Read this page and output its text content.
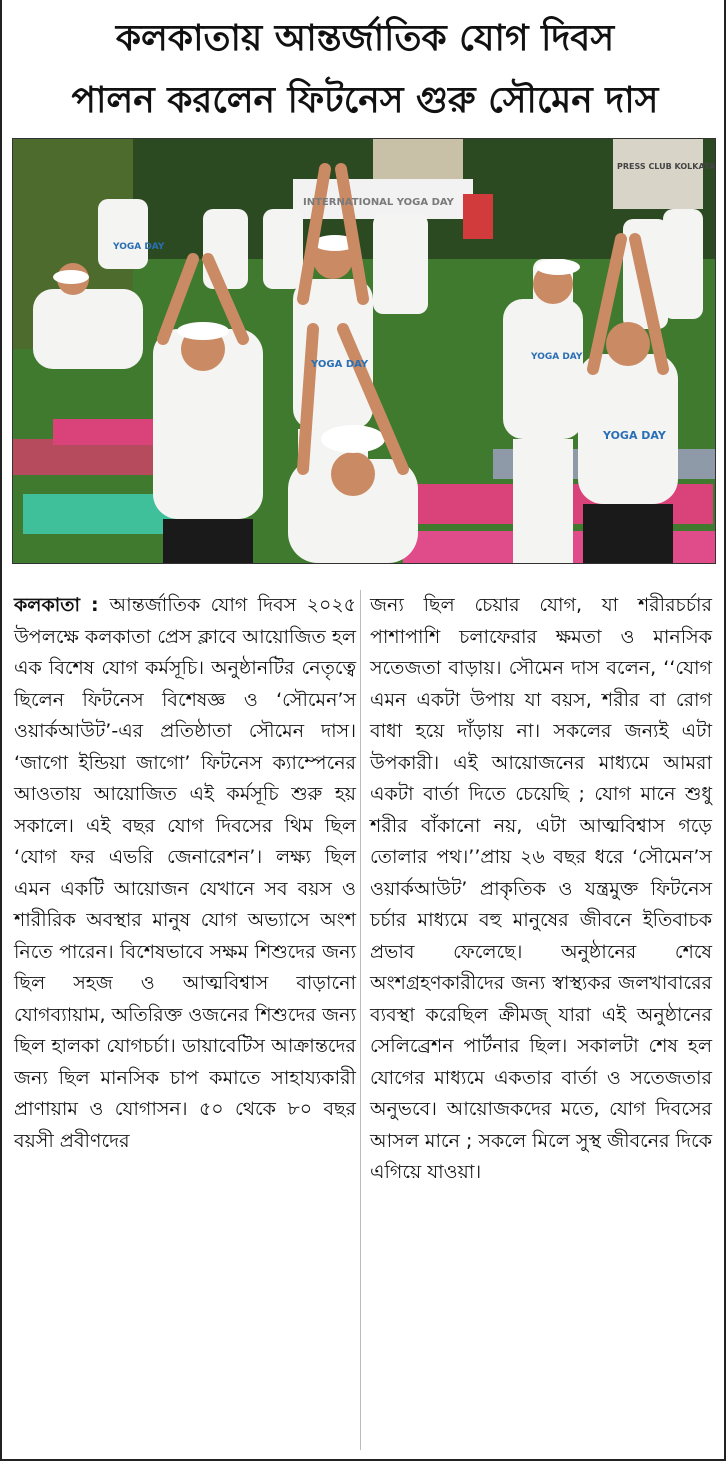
কলকাতায় আন্তর্জাতিক যোগ দিবস
পালন করলেন ফিটনেস গুরু সৌমেন দাস
YOGA DAY
YOGA DAY
YOGA DAY
YOGA DAY
INTERNATIONAL YOGA DAY
PRESS CLUB KOLKATA
কলকাতা : আন্তর্জাতিক যোগ দিবস ২০২৫ উপলক্ষে কলকাতা প্রেস ক্লাবে আয়োজিত হল এক বিশেষ যোগ কর্মসূচি। অনুষ্ঠানটির নেতৃত্বে ছিলেন ফিটনেস বিশেষজ্ঞ ও ‘সৌমেন’স ওয়ার্কআউট’-এর প্রতিষ্ঠাতা সৌমেন দাস। ‘জাগো ইন্ডিয়া জাগো’ ফিটনেস ক্যাম্পেনের আওতায় আয়োজিত এই কর্মসূচি শুরু হয় সকালে। এই বছর যোগ দিবসের থিম ছিল ‘যোগ ফর এভরি জেনারেশন’। লক্ষ্য ছিল এমন একটি আয়োজন যেখানে সব বয়স ও শারীরিক অবস্থার মানুষ যোগ অভ্যাসে অংশ নিতে পারেন। বিশেষভাবে সক্ষম শিশুদের জন্য ছিল সহজ ও আত্মবিশ্বাস বাড়ানো যোগব্যায়াম, অতিরিক্ত ওজনের শিশুদের জন্য ছিল হালকা যোগচর্চা। ডায়াবেটিস আক্রান্তদের জন্য ছিল মানসিক চাপ কমাতে সাহায্যকারী প্রাণায়াম ও যোগাসন। ৫০ থেকে ৮০ বছর বয়সী প্রবীণদের
জন্য ছিল চেয়ার যোগ, যা শরীরচর্চার পাশাপাশি চলাফেরার ক্ষমতা ও মানসিক সতেজতা বাড়ায়। সৌমেন দাস বলেন, ‘‘যোগ এমন একটা উপায় যা বয়স, শরীর বা রোগ বাধা হয়ে দাঁড়ায় না। সকলের জন্যই এটা উপকারী। এই আয়োজনের মাধ্যমে আমরা একটা বার্তা দিতে চেয়েছি ; যোগ মানে শুধু শরীর বাঁকানো নয়, এটা আত্মবিশ্বাস গড়ে তোলার পথ।’’প্রায় ২৬ বছর ধরে ‘সৌমেন’স ওয়ার্কআউট’ প্রাকৃতিক ও যন্ত্রমুক্ত ফিটনেস চর্চার মাধ্যমে বহু মানুষের জীবনে ইতিবাচক প্রভাব ফেলেছে। অনুষ্ঠানের শেষে অংশগ্রহণকারীদের জন্য স্বাস্থ্যকর জলখাবারের ব্যবস্থা করেছিল ক্রীমজ্ যারা এই অনুষ্ঠানের সেলিব্রেশন পার্টনার ছিল। সকালটা শেষ হল যোগের মাধ্যমে একতার বার্তা ও সতেজতার অনুভবে। আয়োজকদের মতে, যোগ দিবসের আসল মানে ; সকলে মিলে সুস্থ জীবনের দিকে এগিয়ে যাওয়া।
